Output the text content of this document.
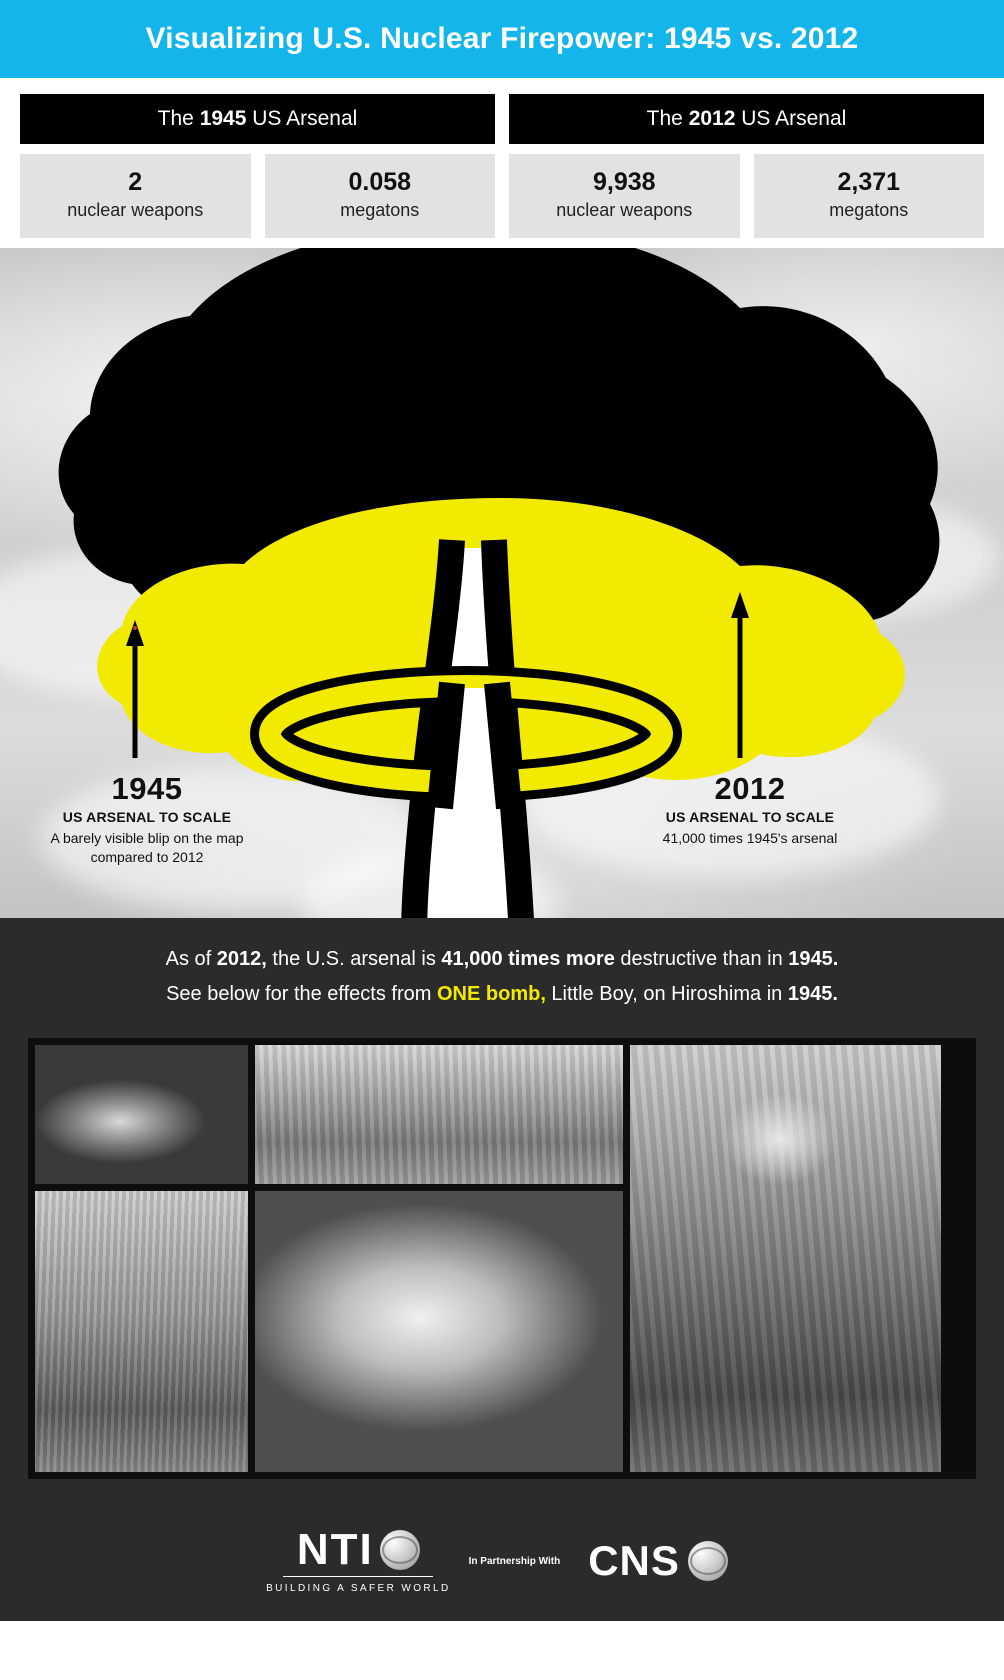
Visualizing U.S. Nuclear Firepower: 1945 vs. 2012
The 1945 US Arsenal
2
nuclear weapons
0.058
megatons
The 2012 US Arsenal
9,938
nuclear weapons
2,371
megatons
1945
US ARSENAL TO SCALE
A barely visible blip on the map compared to 2012
2012
US ARSENAL TO SCALE
41,000 times 1945's arsenal

As of 2012, the U.S. arsenal is 41,000 times more destructive than in 1945.

See below for the effects from ONE bomb, Little Boy, on Hiroshima in 1945.

NTI
BUILDING A SAFER WORLD
In Partnership With CNS
